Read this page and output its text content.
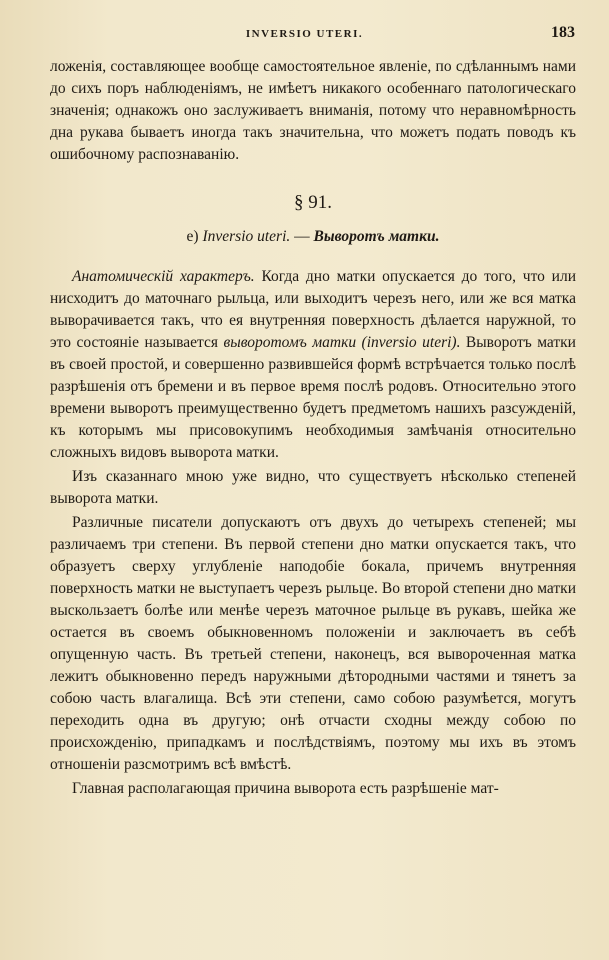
INVERSIO UTERI.	183

ложенія, составляющее вообще самостоятельное явленіе, по сдѣланнымъ нами до сихъ поръ наблюденіямъ, не имѣетъ никакого особеннаго патологическаго значенія; однакожъ оно заслуживаетъ вниманія, потому что неравномѣрность дна рукава бываетъ иногда такъ значительна, что можетъ подать поводъ къ ошибочному распознаванію.

§ 91.
e) Inversio uteri. — Выворотъ матки.

Анатомическій характеръ. Когда дно матки опускается до того, что или нисходитъ до маточнаго рыльца, или выходитъ черезъ него, или же вся матка выворачивается такъ, что ея внутренняя поверхность дѣлается наружной, то это состояніе называется выворотомъ матки (inversio uteri). Выворотъ матки въ своей простой, и совершенно развившейся формѣ встрѣчается только послѣ разрѣшенія отъ бремени и въ первое время послѣ родовъ. Относительно этого времени выворотъ преимущественно будетъ предметомъ нашихъ разсужденій, къ которымъ мы присовокупимъ необходимыя замѣчанія относительно сложныхъ видовъ выворота матки.

Изъ сказаннаго мною уже видно, что существуетъ нѣсколько степеней выворота матки.

Различные писатели допускаютъ отъ двухъ до четырехъ степеней; мы различаемъ три степени. Въ первой степени дно матки опускается такъ, что образуетъ сверху углубленіе наподобіе бокала, причемъ внутренняя поверхность матки не выступаетъ черезъ рыльце. Во второй степени дно матки выскользаетъ болѣе или менѣе черезъ маточное рыльце въ рукавъ, шейка же остается въ своемъ обыкновенномъ положеніи и заключаетъ въ себѣ опущенную часть. Въ третьей степени, наконецъ, вся вывороченная матка лежитъ обыкновенно передъ наружными дѣтородными частями и тянетъ за собою часть влагалища. Всѣ эти степени, само собою разумѣется, могутъ переходить одна въ другую; онѣ отчасти сходны между собою по происхожденію, припадкамъ и послѣдствіямъ, поэтому мы ихъ въ этомъ отношеніи разсмотримъ всѣ вмѣстѣ.

Главная располагающая причина выворота есть разрѣшеніе мат-
